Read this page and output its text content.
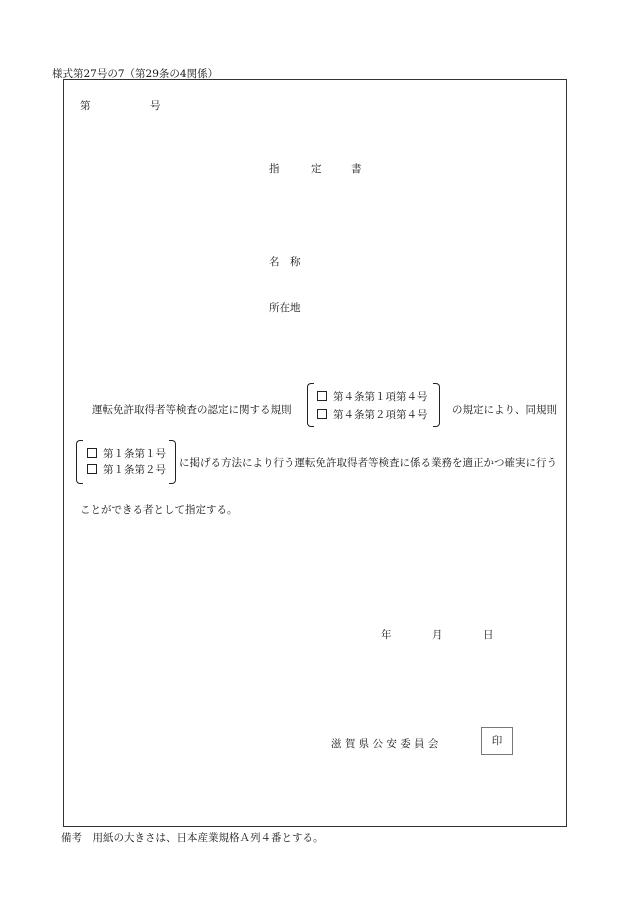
様式第27号の7（第29条の4関係）
第	号
指	定	書
名 称
所在地
運転免許取得者等検査の認定に関する規則
第４条第１項第４号
第４条第２項第４号 の規定により、同規則
第１条第１号
第１条第２号
に掲げる方法により行う運転免許取得者等検査に係る業務を適正かつ確実に行う
ことができる者として指定する。
年	月	日
滋 賀 県 公 安 委 員 会	印
備考　用紙の大きさは、日本産業規格Ａ列４番とする。
